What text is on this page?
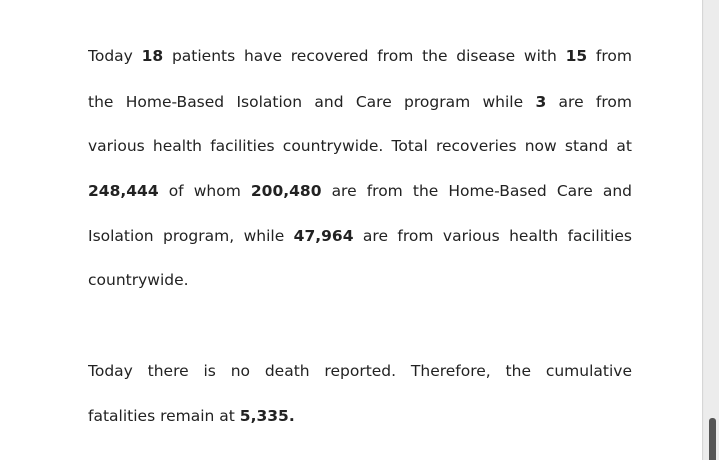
Today 18 patients have recovered from the disease with 15 from
the Home-Based Isolation and Care program while 3 are from
various health facilities countrywide. Total recoveries now stand at
248,444 of whom 200,480 are from the Home-Based Care and
Isolation program, while 47,964 are from various health facilities
countrywide.
Today there is no death reported. Therefore, the cumulative
fatalities remain at 5,335.
